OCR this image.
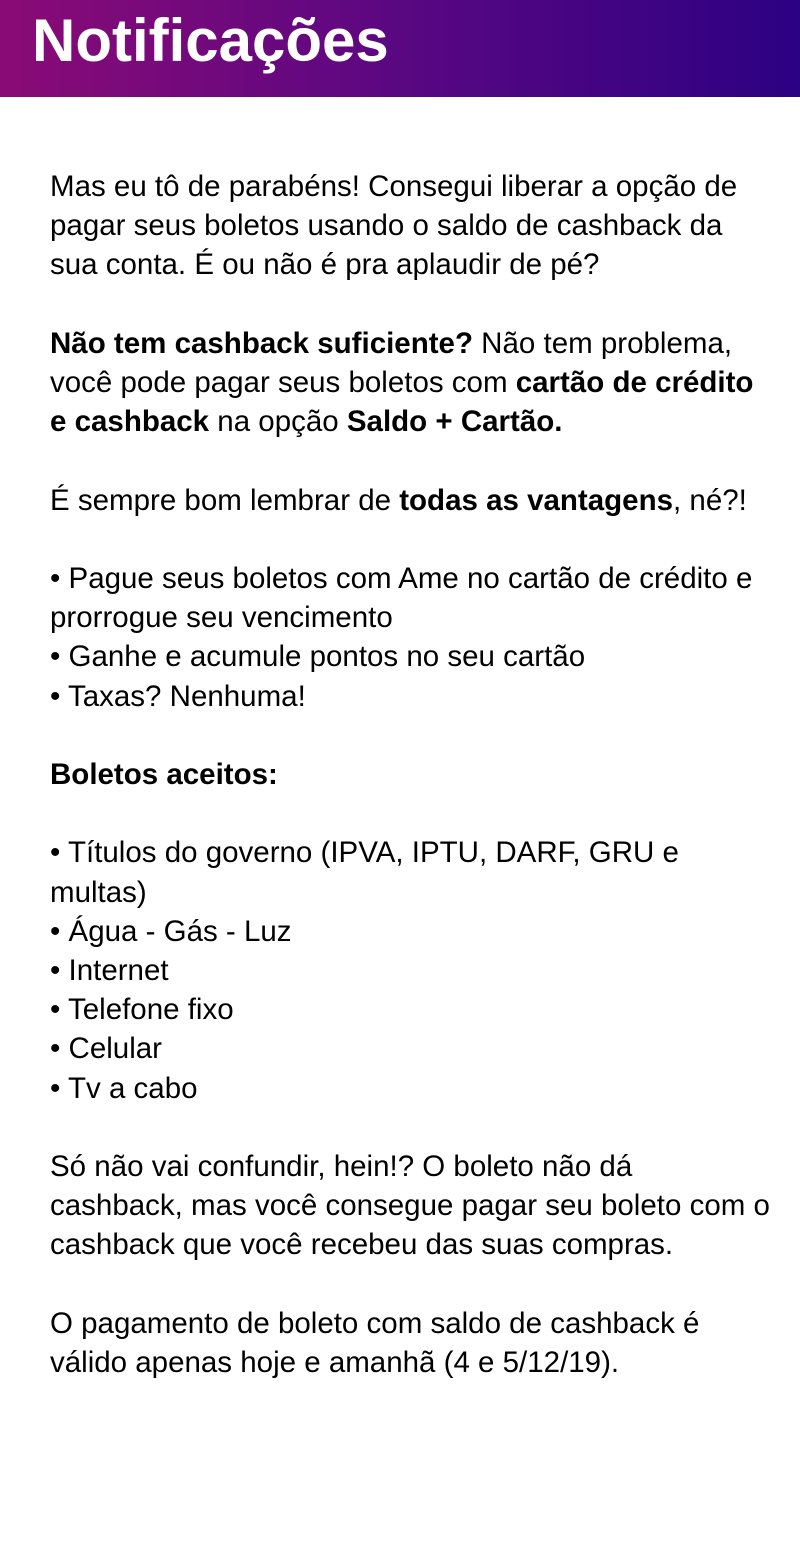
Notificações

Mas eu tô de parabéns! Consegui liberar a opção de pagar seus boletos usando o saldo de cashback da sua conta. É ou não é pra aplaudir de pé?

Não tem cashback suficiente? Não tem problema, você pode pagar seus boletos com cartão de crédito e cashback na opção Saldo + Cartão.

É sempre bom lembrar de todas as vantagens, né?!

• Pague seus boletos com Ame no cartão de crédito e prorrogue seu vencimento
• Ganhe e acumule pontos no seu cartão
• Taxas? Nenhuma!

Boletos aceitos:

• Títulos do governo (IPVA, IPTU, DARF, GRU e multas)
• Água - Gás - Luz
• Internet
• Telefone fixo
• Celular
• Tv a cabo

Só não vai confundir, hein!? O boleto não dá cashback, mas você consegue pagar seu boleto com o cashback que você recebeu das suas compras.

O pagamento de boleto com saldo de cashback é válido apenas hoje e amanhã (4 e 5/12/19).
